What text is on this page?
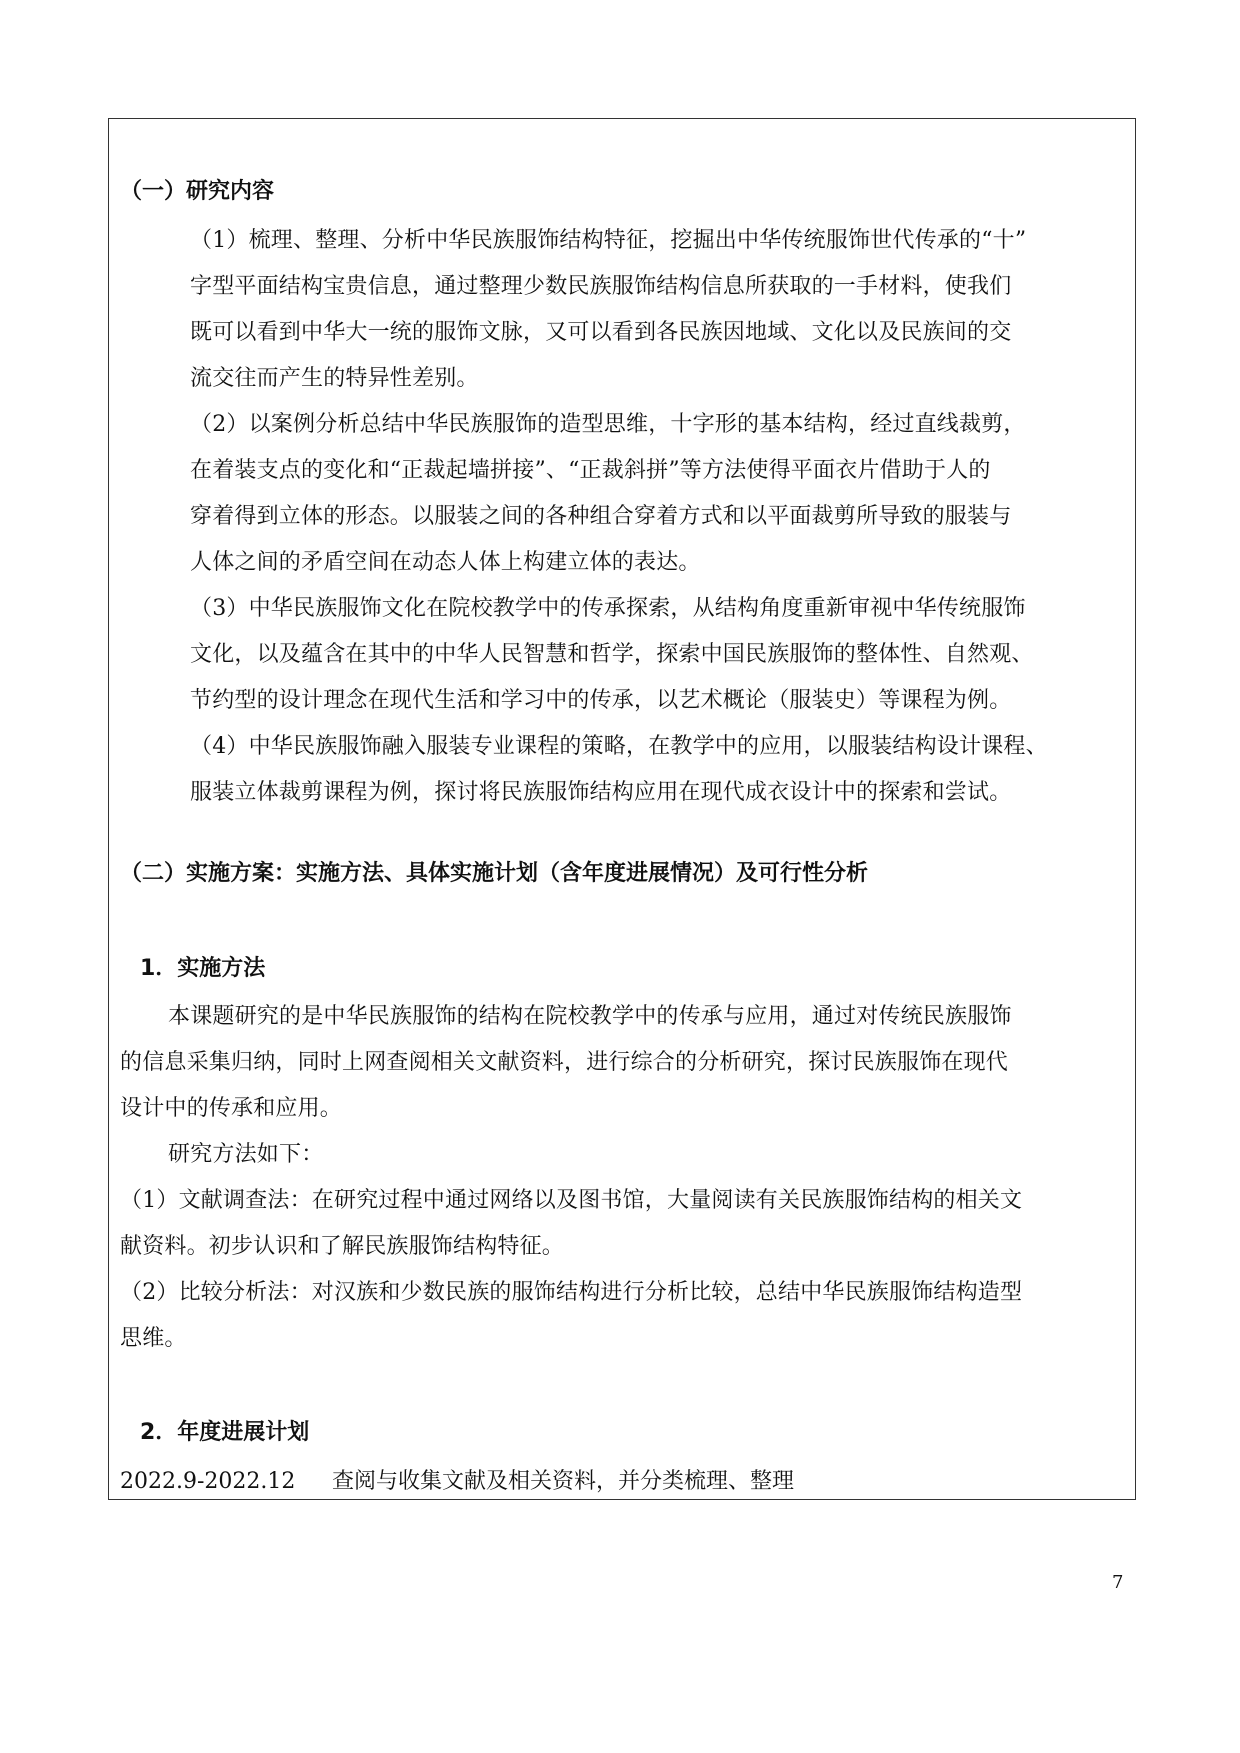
（一）研究内容

（1）梳理、整理、分析中华民族服饰结构特征，挖掘出中华传统服饰世代传承的“十”

字型平面结构宝贵信息，通过整理少数民族服饰结构信息所获取的一手材料，使我们

既可以看到中华大一统的服饰文脉，又可以看到各民族因地域、文化以及民族间的交

流交往而产生的特异性差别。

（2）以案例分析总结中华民族服饰的造型思维，十字形的基本结构，经过直线裁剪，

在着装支点的变化和“正裁起墙拼接”、“正裁斜拼”等方法使得平面衣片借助于人的

穿着得到立体的形态。以服装之间的各种组合穿着方式和以平面裁剪所导致的服装与

人体之间的矛盾空间在动态人体上构建立体的表达。

（3）中华民族服饰文化在院校教学中的传承探索，从结构角度重新审视中华传统服饰

文化，以及蕴含在其中的中华人民智慧和哲学，探索中国民族服饰的整体性、自然观、

节约型的设计理念在现代生活和学习中的传承，以艺术概论（服装史）等课程为例。

（4）中华民族服饰融入服装专业课程的策略，在教学中的应用，以服装结构设计课程、

服装立体裁剪课程为例，探讨将民族服饰结构应用在现代成衣设计中的探索和尝试。

（二）实施方案：实施方法、具体实施计划（含年度进展情况）及可行性分析

1．实施方法

本课题研究的是中华民族服饰的结构在院校教学中的传承与应用，通过对传统民族服饰

的信息采集归纳，同时上网查阅相关文献资料，进行综合的分析研究，探讨民族服饰在现代

设计中的传承和应用。

研究方法如下：

（1）文献调查法：在研究过程中通过网络以及图书馆，大量阅读有关民族服饰结构的相关文

献资料。初步认识和了解民族服饰结构特征。

（2）比较分析法：对汉族和少数民族的服饰结构进行分析比较，总结中华民族服饰结构造型

思维。

2．年度进展计划

2022.9-2022.12 查阅与收集文献及相关资料，并分类梳理、整理
7
